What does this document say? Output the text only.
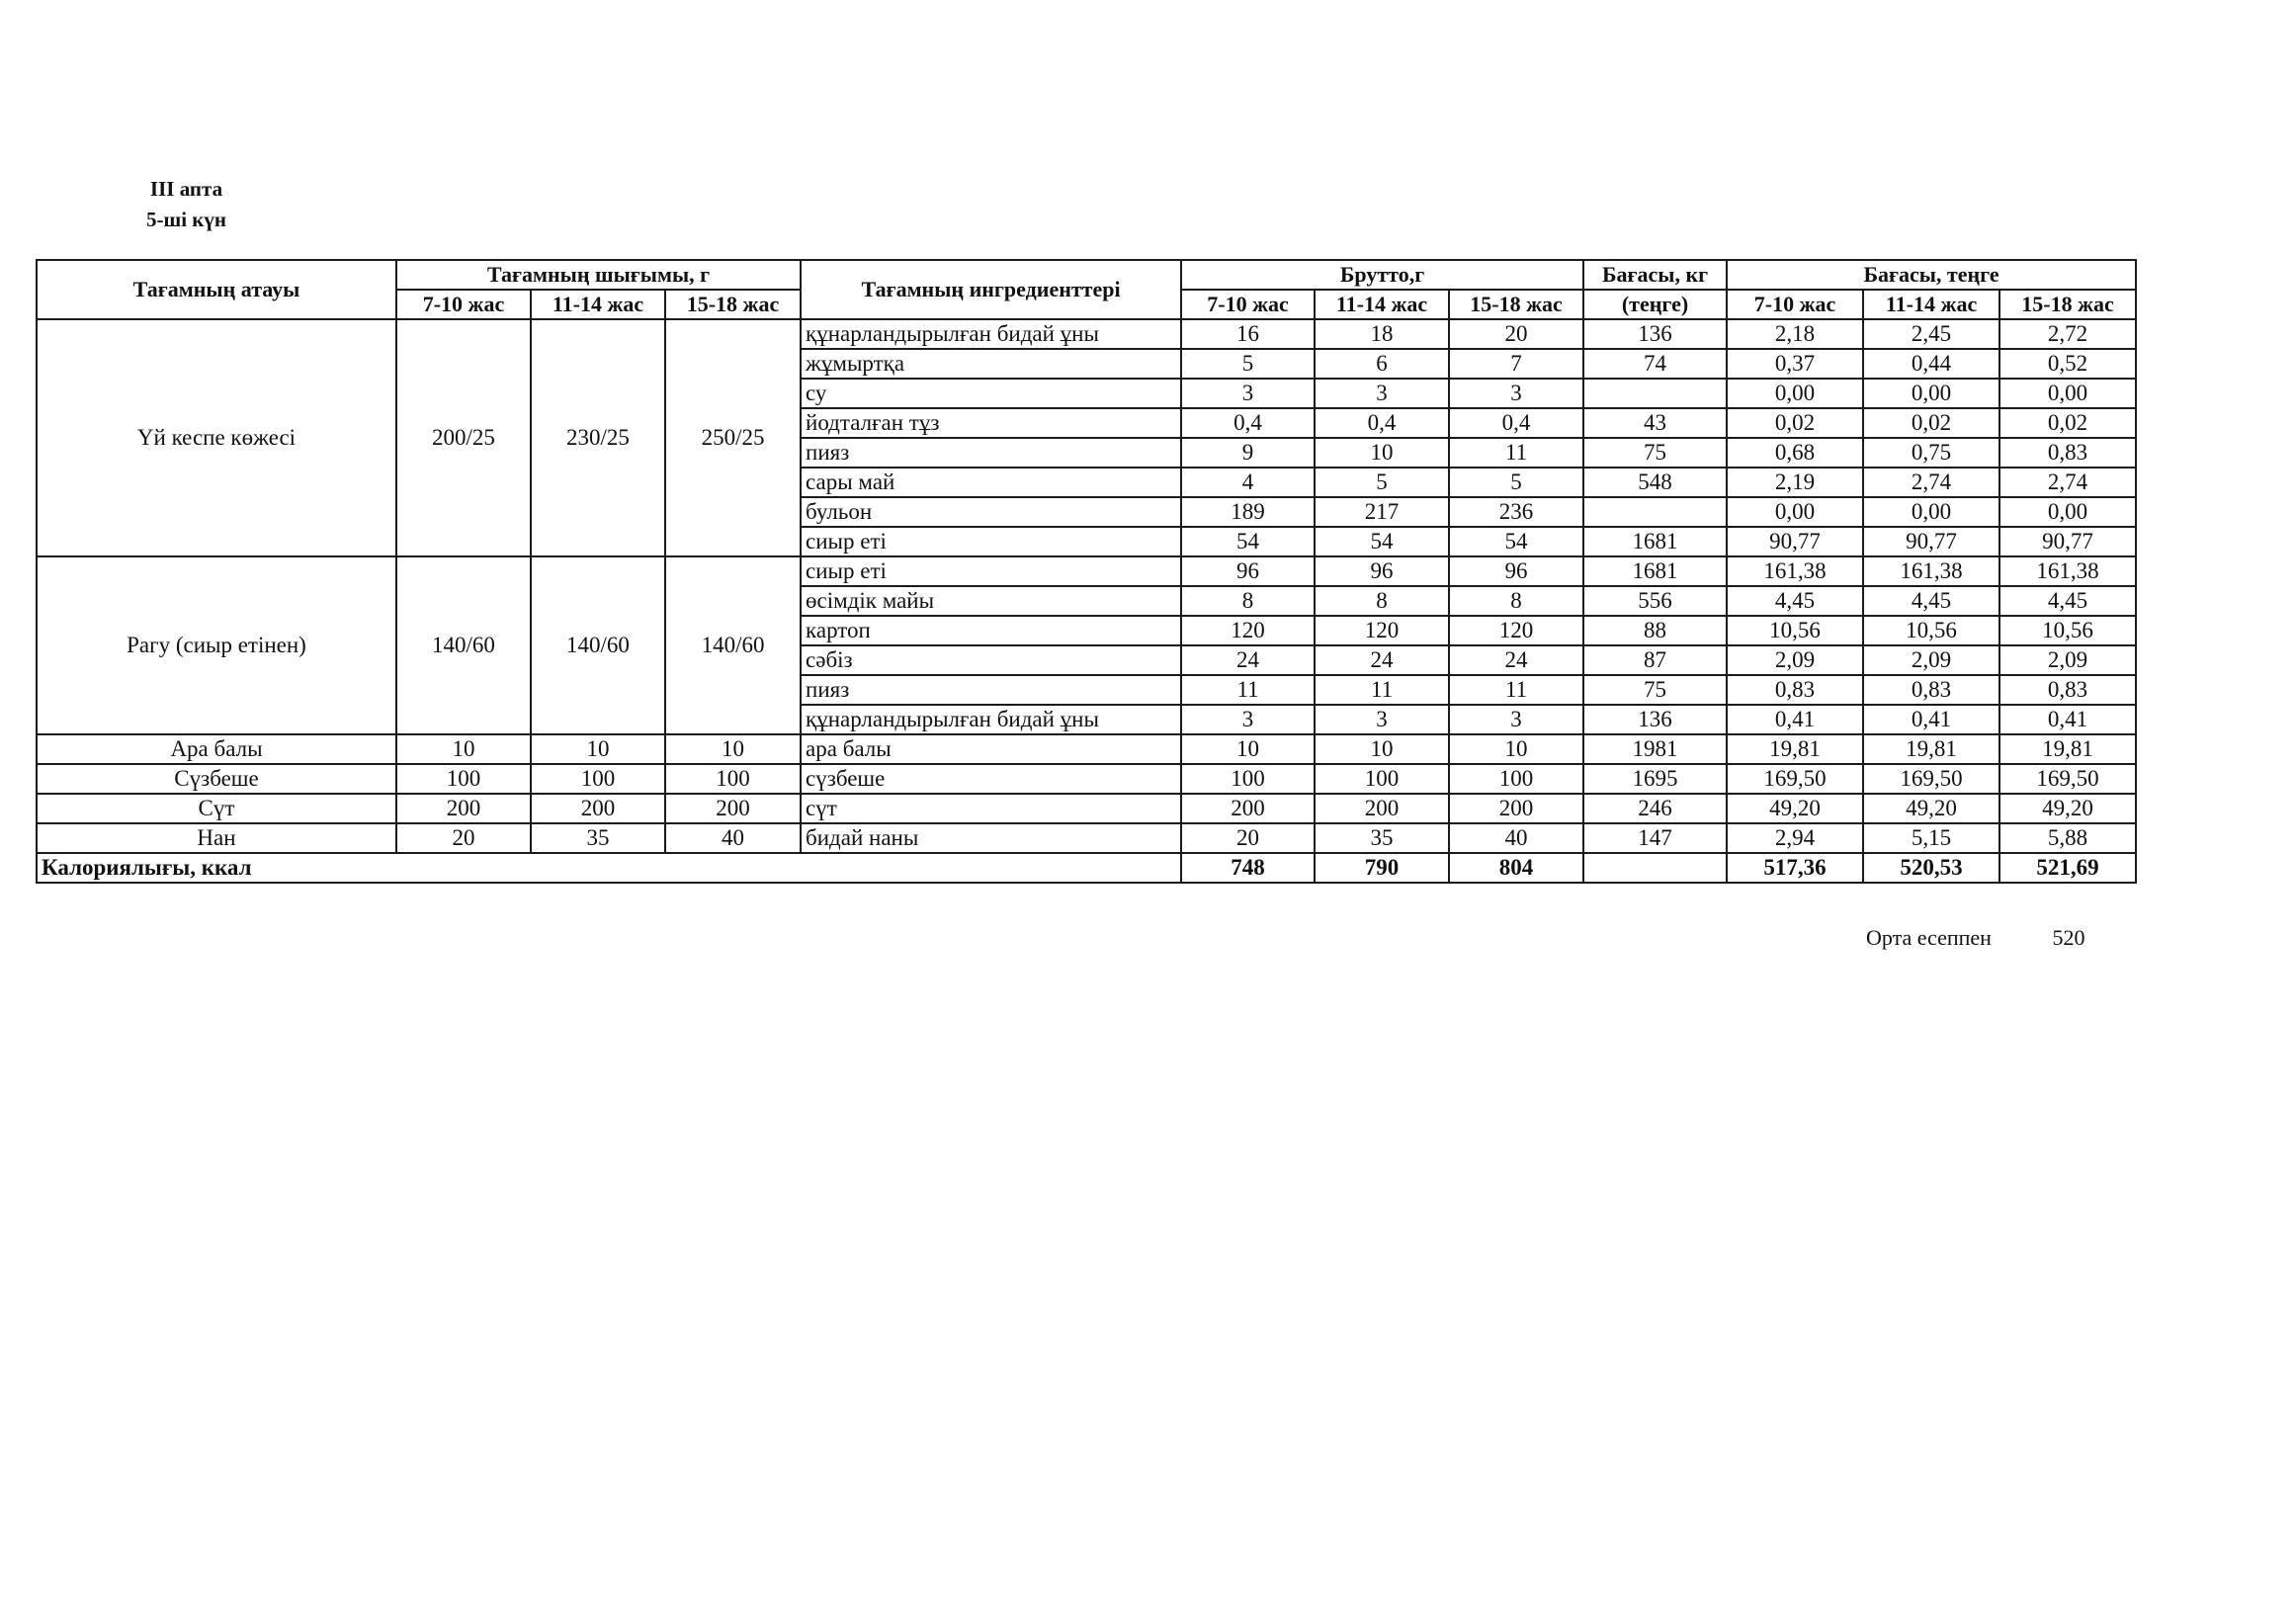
III апта
5-ші күн
Тағамның атауы	Тағамның шығымы, г			Тағамның ингредиенттері	Брутто,г			Бағасы, кг	Бағасы, теңге		
	7-10 жас	11-14 жас	15-18 жас		7-10 жас	11-14 жас	15-18 жас	(теңге)	7-10 жас	11-14 жас	15-18 жас
Үй кеспе көжесі	200/25	230/25	250/25	құнарландырылған бидай ұны	16	18	20	136	2,18	2,45	2,72
				жұмыртқа	5	6	7	74	0,37	0,44	0,52
				су	3	3	3		0,00	0,00	0,00
				йодталған тұз	0,4	0,4	0,4	43	0,02	0,02	0,02
				пияз	9	10	11	75	0,68	0,75	0,83
				сары май	4	5	5	548	2,19	2,74	2,74
				бульон	189	217	236		0,00	0,00	0,00
				сиыр еті	54	54	54	1681	90,77	90,77	90,77
Рагу (сиыр етінен)	140/60	140/60	140/60	сиыр еті	96	96	96	1681	161,38	161,38	161,38
				өсімдік майы	8	8	8	556	4,45	4,45	4,45
				картоп	120	120	120	88	10,56	10,56	10,56
				сәбіз	24	24	24	87	2,09	2,09	2,09
				пияз	11	11	11	75	0,83	0,83	0,83
				құнарландырылған бидай ұны	3	3	3	136	0,41	0,41	0,41
Ара балы	10	10	10	ара балы	10	10	10	1981	19,81	19,81	19,81
Сүзбеше	100	100	100	сүзбеше	100	100	100	1695	169,50	169,50	169,50
Сүт	200	200	200	сүт	200	200	200	246	49,20	49,20	49,20
Нан	20	35	40	бидай наны	20	35	40	147	2,94	5,15	5,88
Калориялығы, ккал					748	790	804		517,36	520,53	521,69
Орта есеппен	520
